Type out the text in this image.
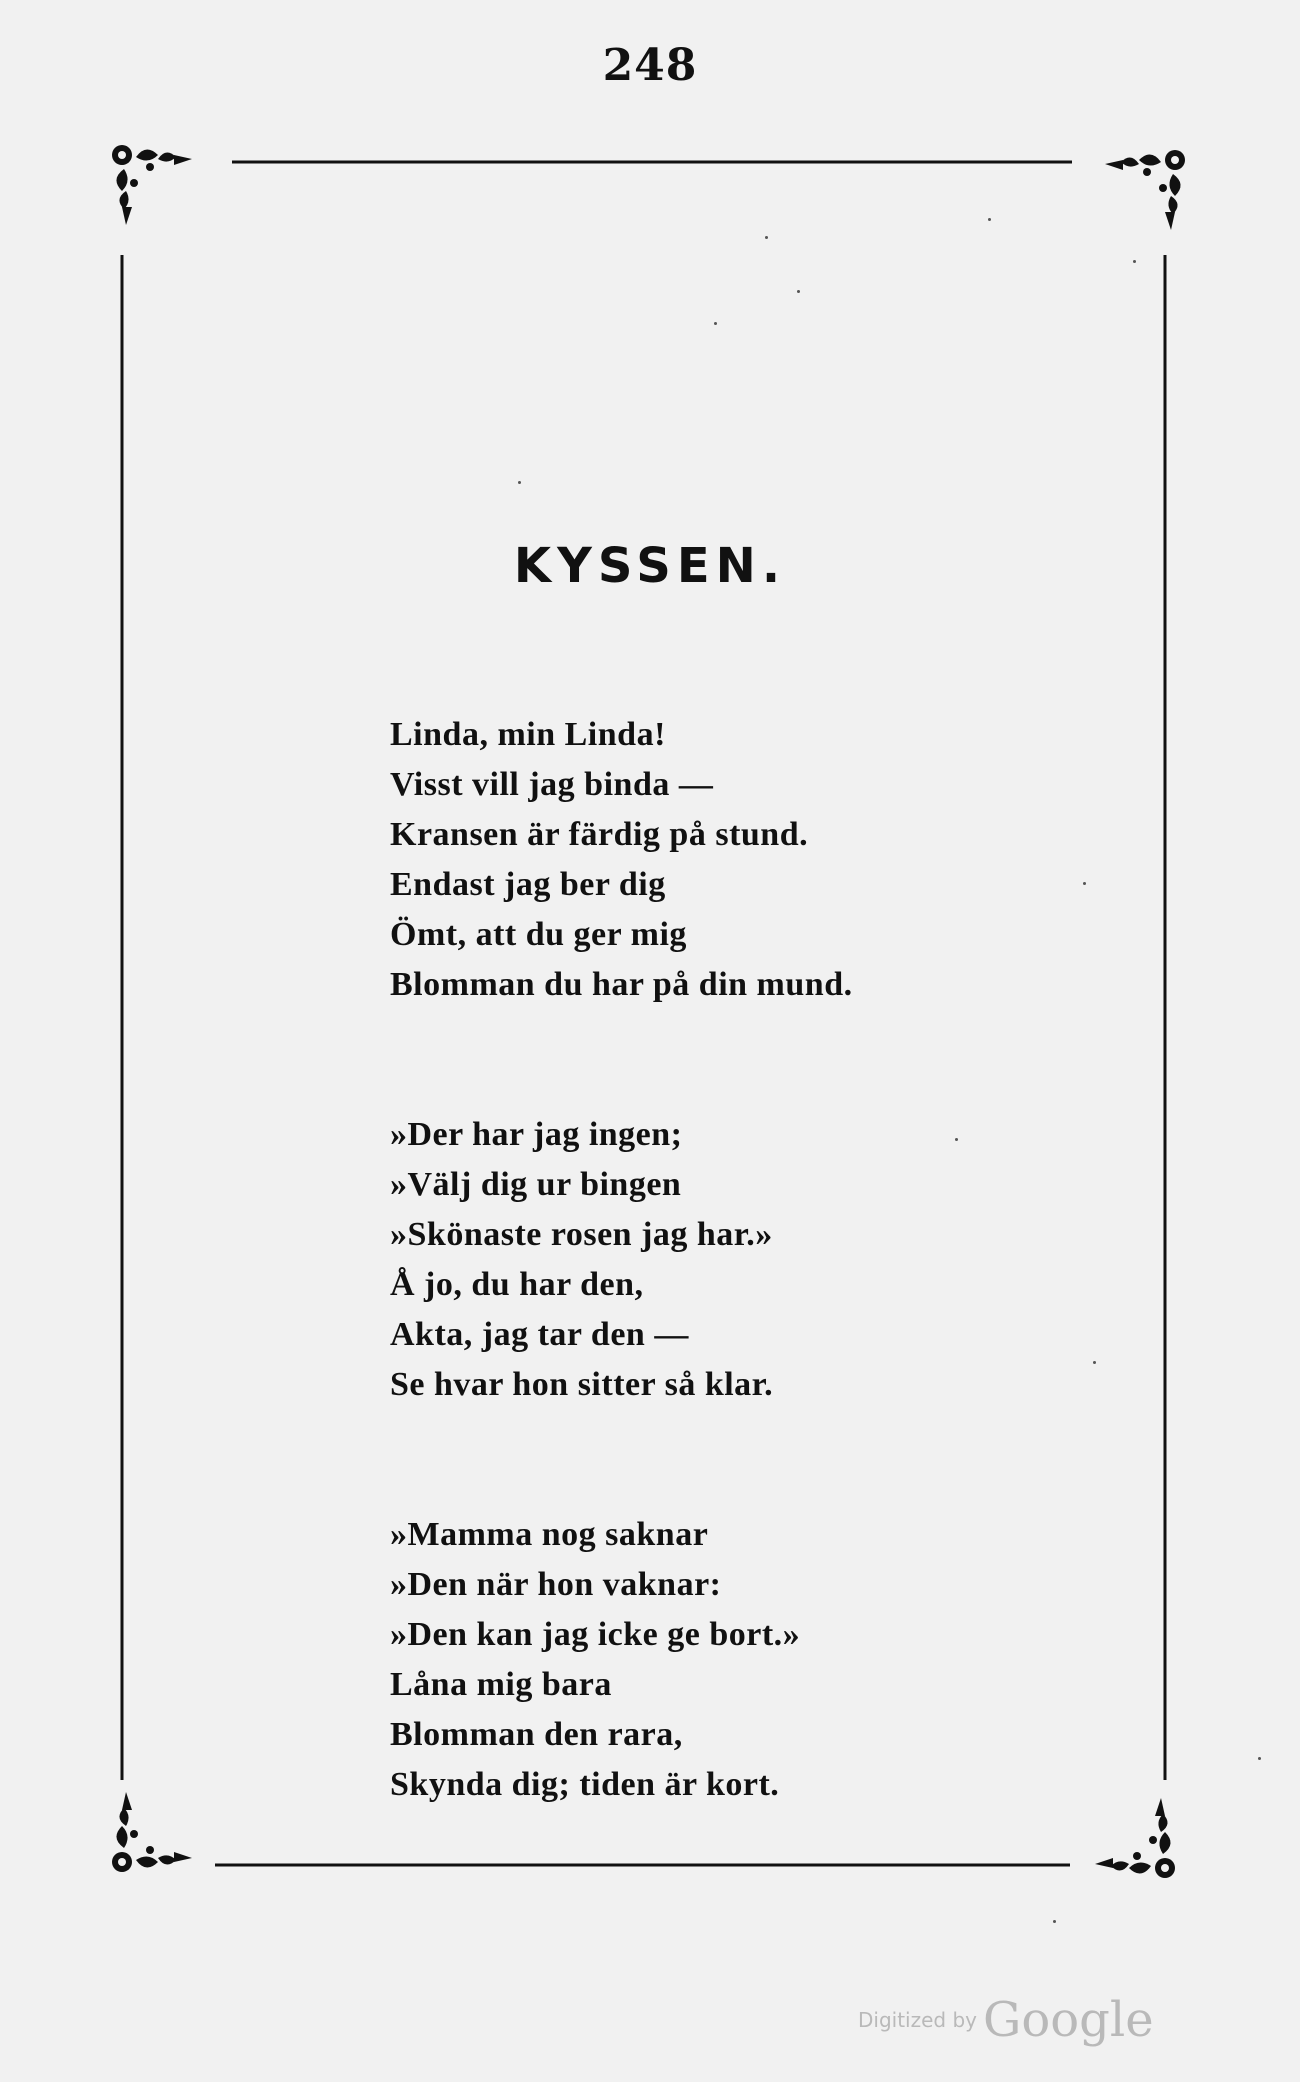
248
KYSSEN.
Linda, min Linda!
Visst vill jag binda —
Kransen är färdig på stund.
Endast jag ber dig
Ömt, att du ger mig
Blomman du har på din mund.
»Der har jag ingen;
»Välj dig ur bingen
»Skönaste rosen jag har.»
Å jo, du har den,
Akta, jag tar den —
Se hvar hon sitter så klar.
»Mamma nog saknar
»Den när hon vaknar:
»Den kan jag icke ge bort.»
Låna mig bara
Blomman den rara,
Skynda dig; tiden är kort.
Digitized by Google
